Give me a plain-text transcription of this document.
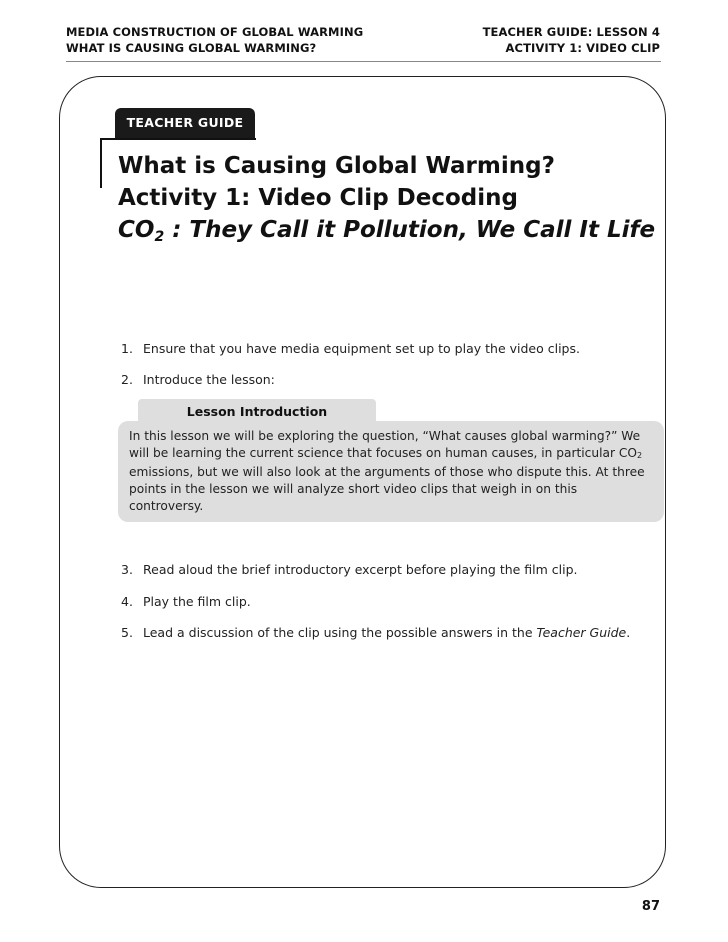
MEDIA CONSTRUCTION OF GLOBAL WARMING
WHAT IS CAUSING GLOBAL WARMING?
TEACHER GUIDE: LESSON 4
ACTIVITY 1: VIDEO CLIP
TEACHER GUIDE
What is Causing Global Warming?
Activity 1: Video Clip Decoding
$CO_2$ : They Call it Pollution, We Call It Life
1. Ensure that you have media equipment set up to play the video clips.
2. Introduce the lesson:
Lesson Introduction
In this lesson we will be exploring the question, “What causes global warming?” We will be learning the current science that focuses on human causes, in particular $CO_2$ emissions, but we will also look at the arguments of those who dispute this. At three points in the lesson we will analyze short video clips that weigh in on this controversy.
3. Read aloud the brief introductory excerpt before playing the film clip.
4. Play the film clip.
5. Lead a discussion of the clip using the possible answers in the Teacher Guide.
87
